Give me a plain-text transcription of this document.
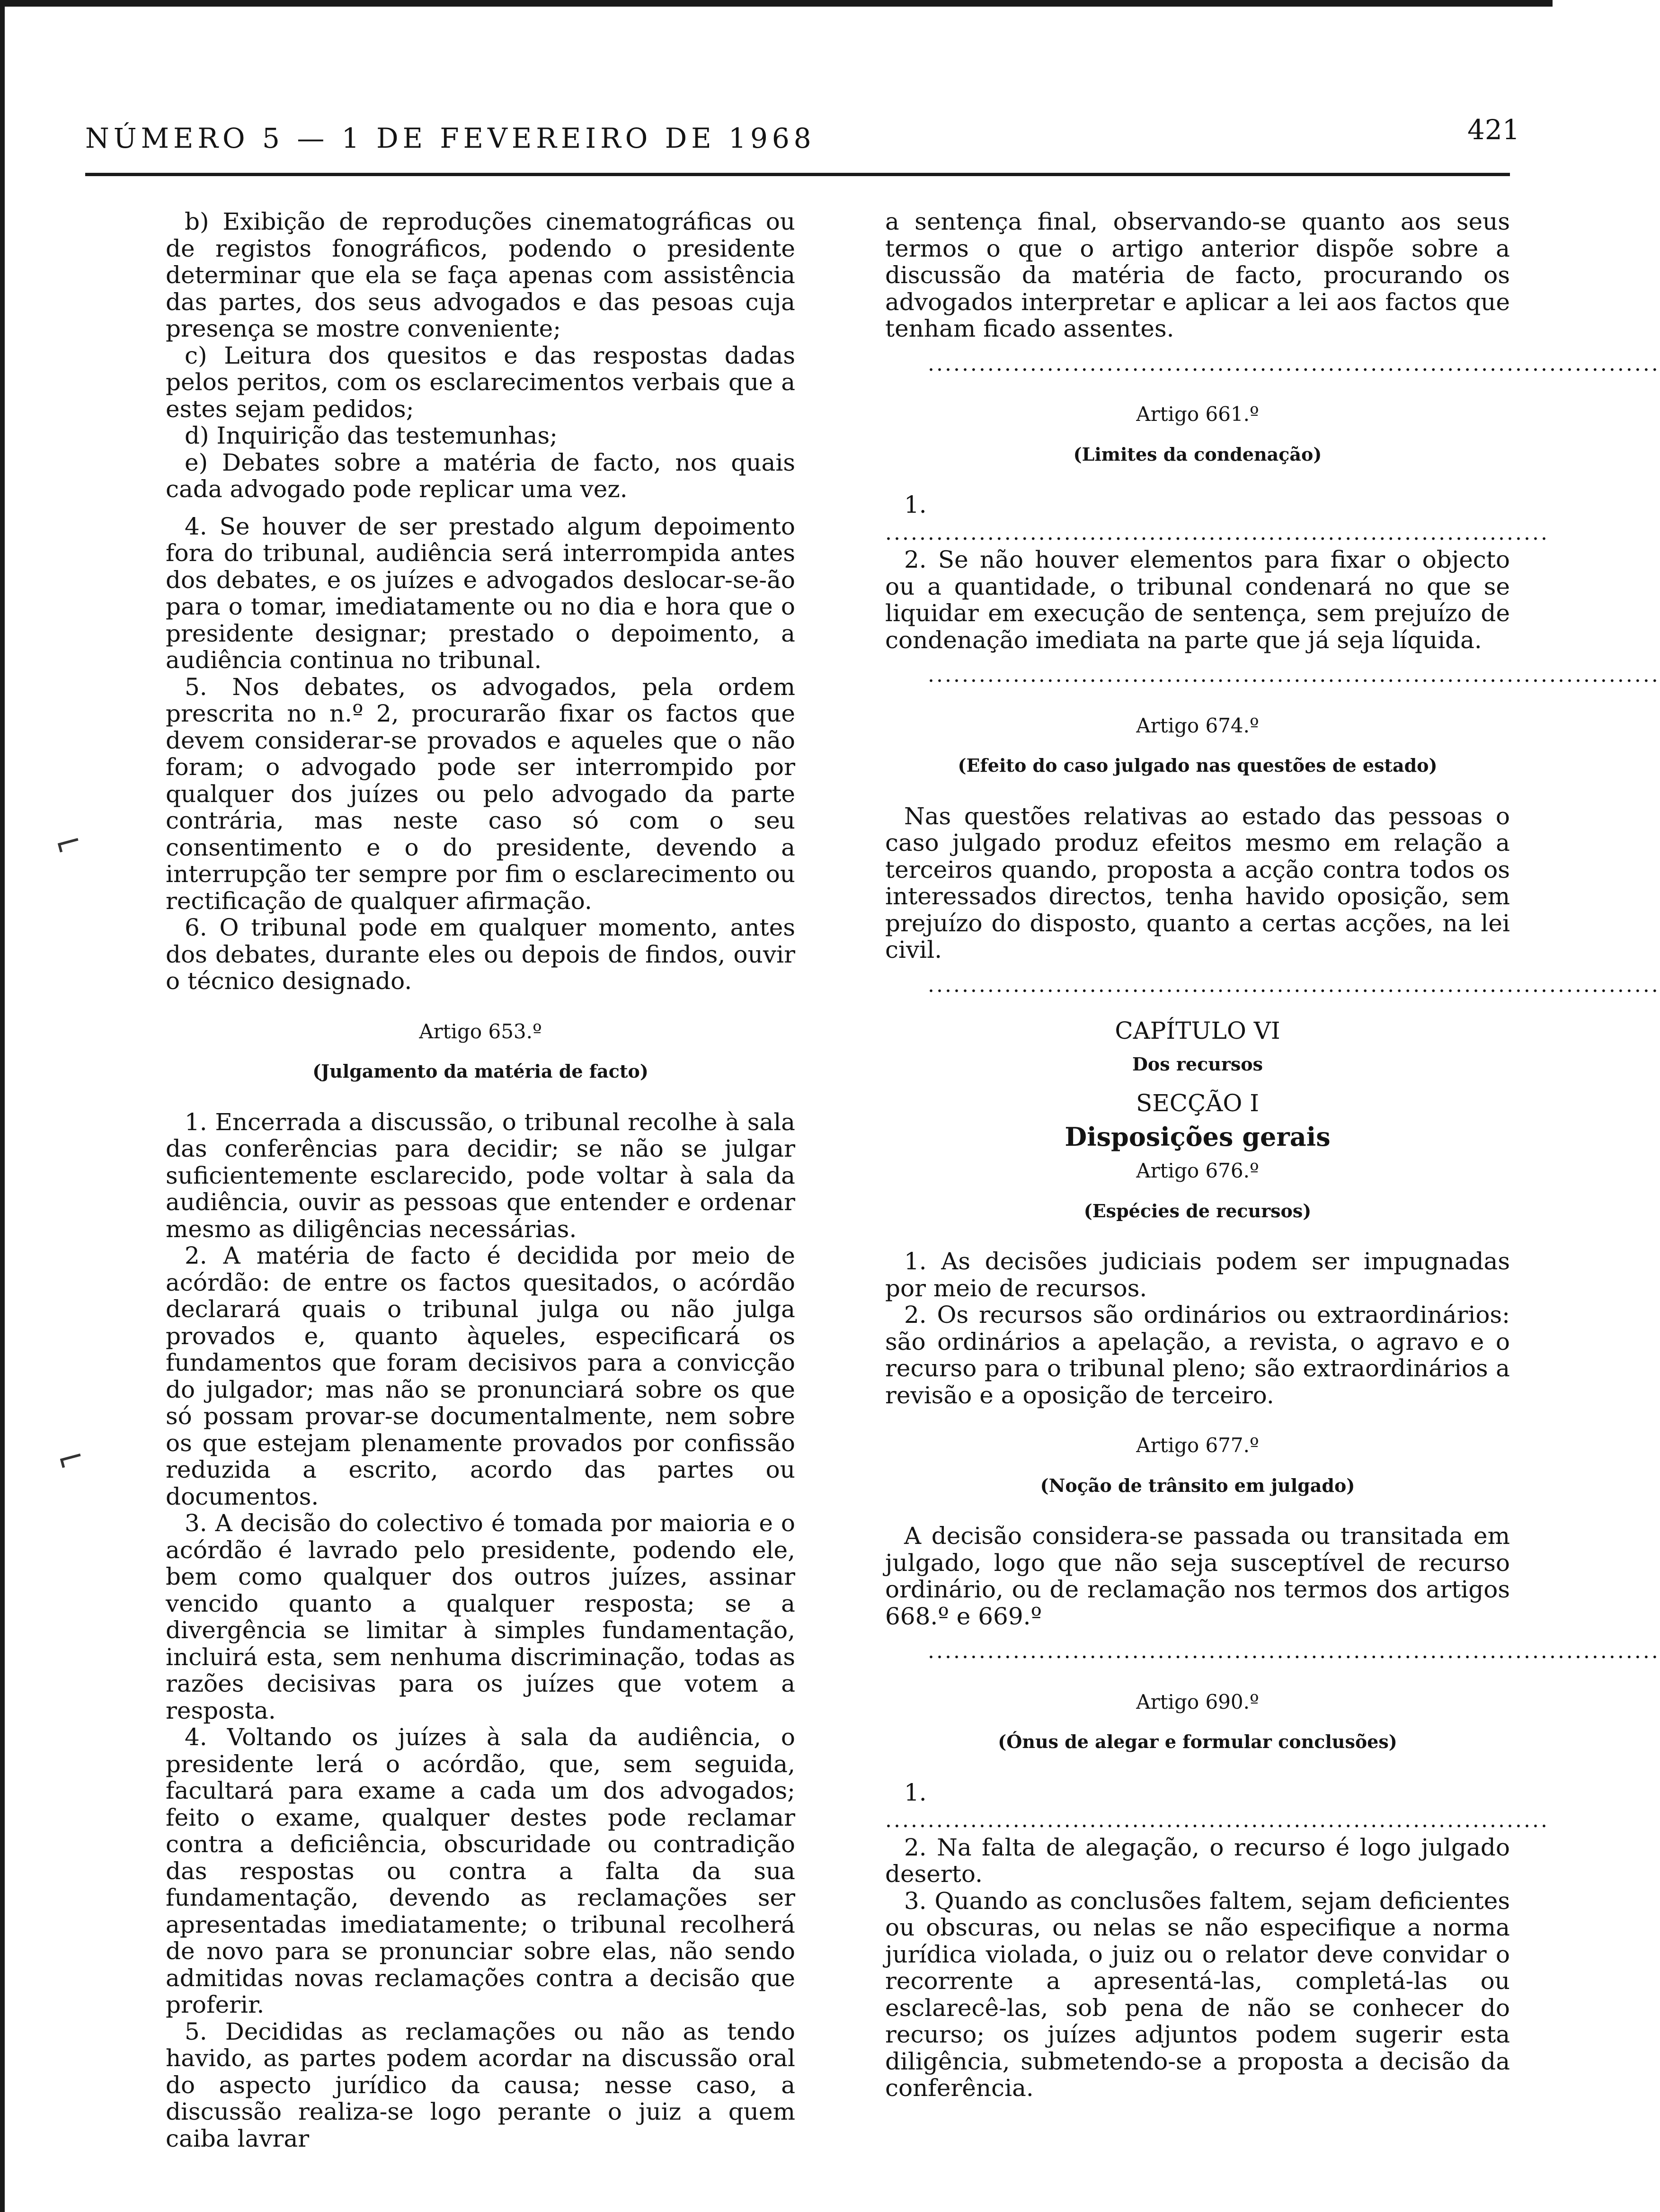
NÚMERO 5 — 1 DE FEVEREIRO DE 1968	421
⌐
⌐

b) Exibição de reproduções cinematográficas ou de registos fonográficos, podendo o presidente determinar que ela se faça apenas com assistência das partes, dos seus advogados e das pesoas cuja presença se mostre conveniente;

c) Leitura dos quesitos e das respostas dadas pelos peritos, com os esclarecimentos verbais que a estes sejam pedidos;

d) Inquirição das testemunhas;

e) Debates sobre a matéria de facto, nos quais cada advogado pode replicar uma vez.

4. Se houver de ser prestado algum depoimento fora do tribunal, audiência será interrompida antes dos debates, e os juízes e advogados deslocar-se-ão para o tomar, imediatamente ou no dia e hora que o presidente designar; prestado o depoimento, a audiência continua no tribunal.

5. Nos debates, os advogados, pela ordem prescrita no n.º 2, procurarão fixar os factos que devem considerar-se provados e aqueles que o não foram; o advogado pode ser interrompido por qualquer dos juízes ou pelo advogado da parte contrária, mas neste caso só com o seu consentimento e o do presidente, devendo a interrupção ter sempre por fim o esclarecimento ou rectificação de qualquer afirmação.

6. O tribunal pode em qualquer momento, antes dos debates, durante eles ou depois de findos, ouvir o técnico designado.

Artigo 653.º
(Julgamento da matéria de facto)

1. Encerrada a discussão, o tribunal recolhe à sala das conferências para decidir; se não se julgar suficientemente esclarecido, pode voltar à sala da audiência, ouvir as pessoas que entender e ordenar mesmo as diligências necessárias.

2. A matéria de facto é decidida por meio de acórdão: de entre os factos quesitados, o acórdão declarará quais o tribunal julga ou não julga provados e, quanto àqueles, especificará os fundamentos que foram decisivos para a convicção do julgador; mas não se pronunciará sobre os que só possam provar-se documentalmente, nem sobre os que estejam plenamente provados por confissão reduzida a escrito, acordo das partes ou documentos.

3. A decisão do colectivo é tomada por maioria e o acórdão é lavrado pelo presidente, podendo ele, bem como qualquer dos outros juízes, assinar vencido quanto a qualquer resposta; se a divergência se limitar à simples fundamentação, incluirá esta, sem nenhuma discriminação, todas as razões decisivas para os juízes que votem a resposta.

4. Voltando os juízes à sala da audiência, o presidente lerá o acórdão, que, sem seguida, facultará para exame a cada um dos advogados; feito o exame, qualquer destes pode reclamar contra a deficiência, obscuridade ou contradição das respostas ou contra a falta da sua fundamentação, devendo as reclamações ser apresentadas imediatamente; o tribunal recolherá de novo para se pronunciar sobre elas, não sendo admitidas novas reclamações contra a decisão que proferir.

5. Decididas as reclamações ou não as tendo havido, as partes podem acordar na discussão oral do aspecto jurídico da causa; nesse caso, a discussão realiza-se logo perante o juiz a quem caiba lavrar

a sentença final, observando-se quanto aos seus termos o que o artigo anterior dispõe sobre a discussão da matéria de facto, procurando os advogados interpretar e aplicar a lei aos factos que tenham ficado assentes.

......................................................................................
Artigo 661.º
(Limites da condenação)

1. ..............................................................................

2. Se não houver elementos para fixar o objecto ou a quantidade, o tribunal condenará no que se liquidar em execução de sentença, sem prejuízo de condenação imediata na parte que já seja líquida.

......................................................................................
Artigo 674.º
(Efeito do caso julgado nas questões de estado)

Nas questões relativas ao estado das pessoas o caso julgado produz efeitos mesmo em relação a terceiros quando, proposta a acção contra todos os interessados directos, tenha havido oposição, sem prejuízo do disposto, quanto a certas acções, na lei civil.

......................................................................................
CAPÍTULO VI
Dos recursos
SECÇÃO I
Disposições gerais
Artigo 676.º
(Espécies de recursos)

1. As decisões judiciais podem ser impugnadas por meio de recursos.

2. Os recursos são ordinários ou extraordinários: são ordinários a apelação, a revista, o agravo e o recurso para o tribunal pleno; são extraordinários a revisão e a oposição de terceiro.

Artigo 677.º
(Noção de trânsito em julgado)

A decisão considera-se passada ou transitada em julgado, logo que não seja susceptível de recurso ordinário, ou de reclamação nos termos dos artigos 668.º e 669.º

......................................................................................
Artigo 690.º
(Ónus de alegar e formular conclusões)

1. ..............................................................................

2. Na falta de alegação, o recurso é logo julgado deserto.

3. Quando as conclusões faltem, sejam deficientes ou obscuras, ou nelas se não especifique a norma jurídica violada, o juiz ou o relator deve convidar o recorrente a apresentá-las, completá-las ou esclarecê-las, sob pena de não se conhecer do recurso; os juízes adjuntos podem sugerir esta diligência, submetendo-se a proposta a decisão da conferência.
